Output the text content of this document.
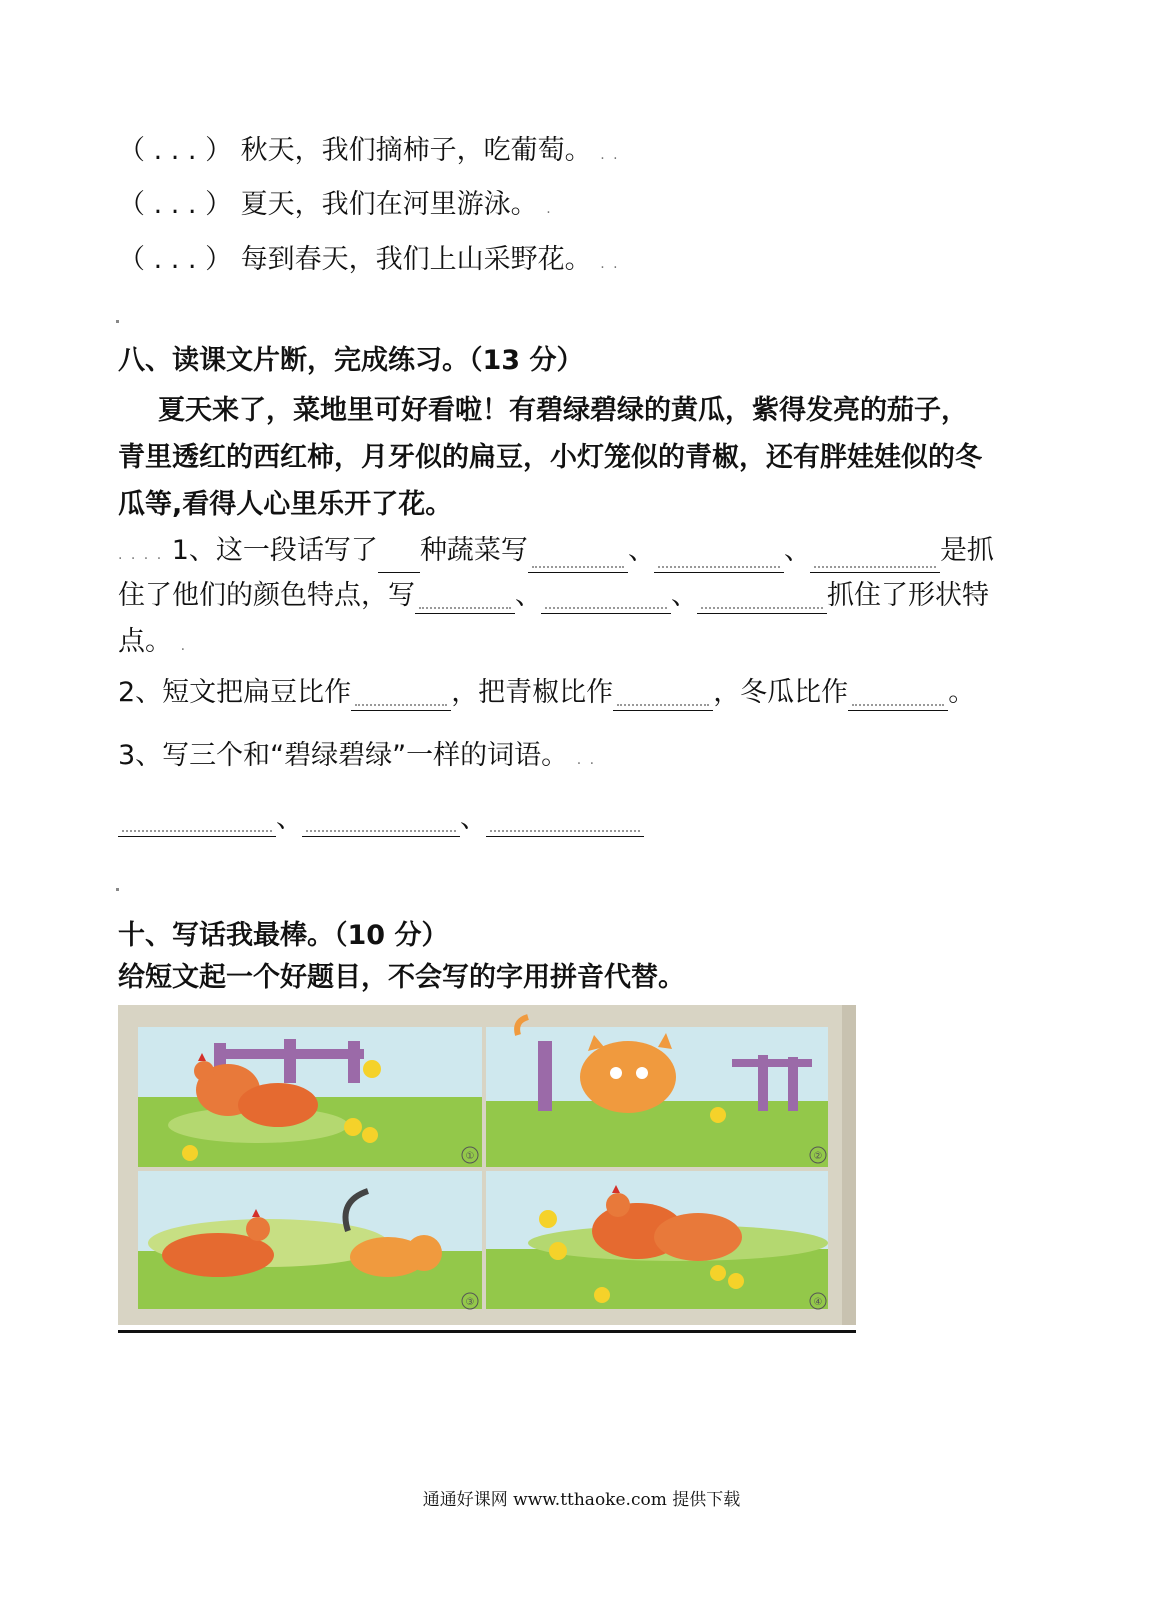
（ . . . ） 秋天，我们摘柿子，吃葡萄。 . .
（ . . . ） 夏天，我们在河里游泳。 .
（ . . . ） 每到春天，我们上山采野花。 . .
八、读课文片断，完成练习。（13 分）
夏天来了，菜地里可好看啦！有碧绿碧绿的黄瓜，紫得发亮的茄子，
青里透红的西红柿，月牙似的扁豆，小灯笼似的青椒，还有胖娃娃似的冬
瓜等,看得人心里乐开了花。
. . . . 1、这一段话写了 种蔬菜写	、	、	是抓
住了他们的颜色特点，写	、	、	抓住了形状特
点。 .
2、短文把扁豆比作	，把青椒比作	，冬瓜比作	。
3、写三个和“碧绿碧绿”一样的词语。 . .
、	、
十、写话我最棒。（10 分）
给短文起一个好题目，不会写的字用拼音代替。
①	②
③	④
通通好课网 www.tthaoke.com 提供下载
